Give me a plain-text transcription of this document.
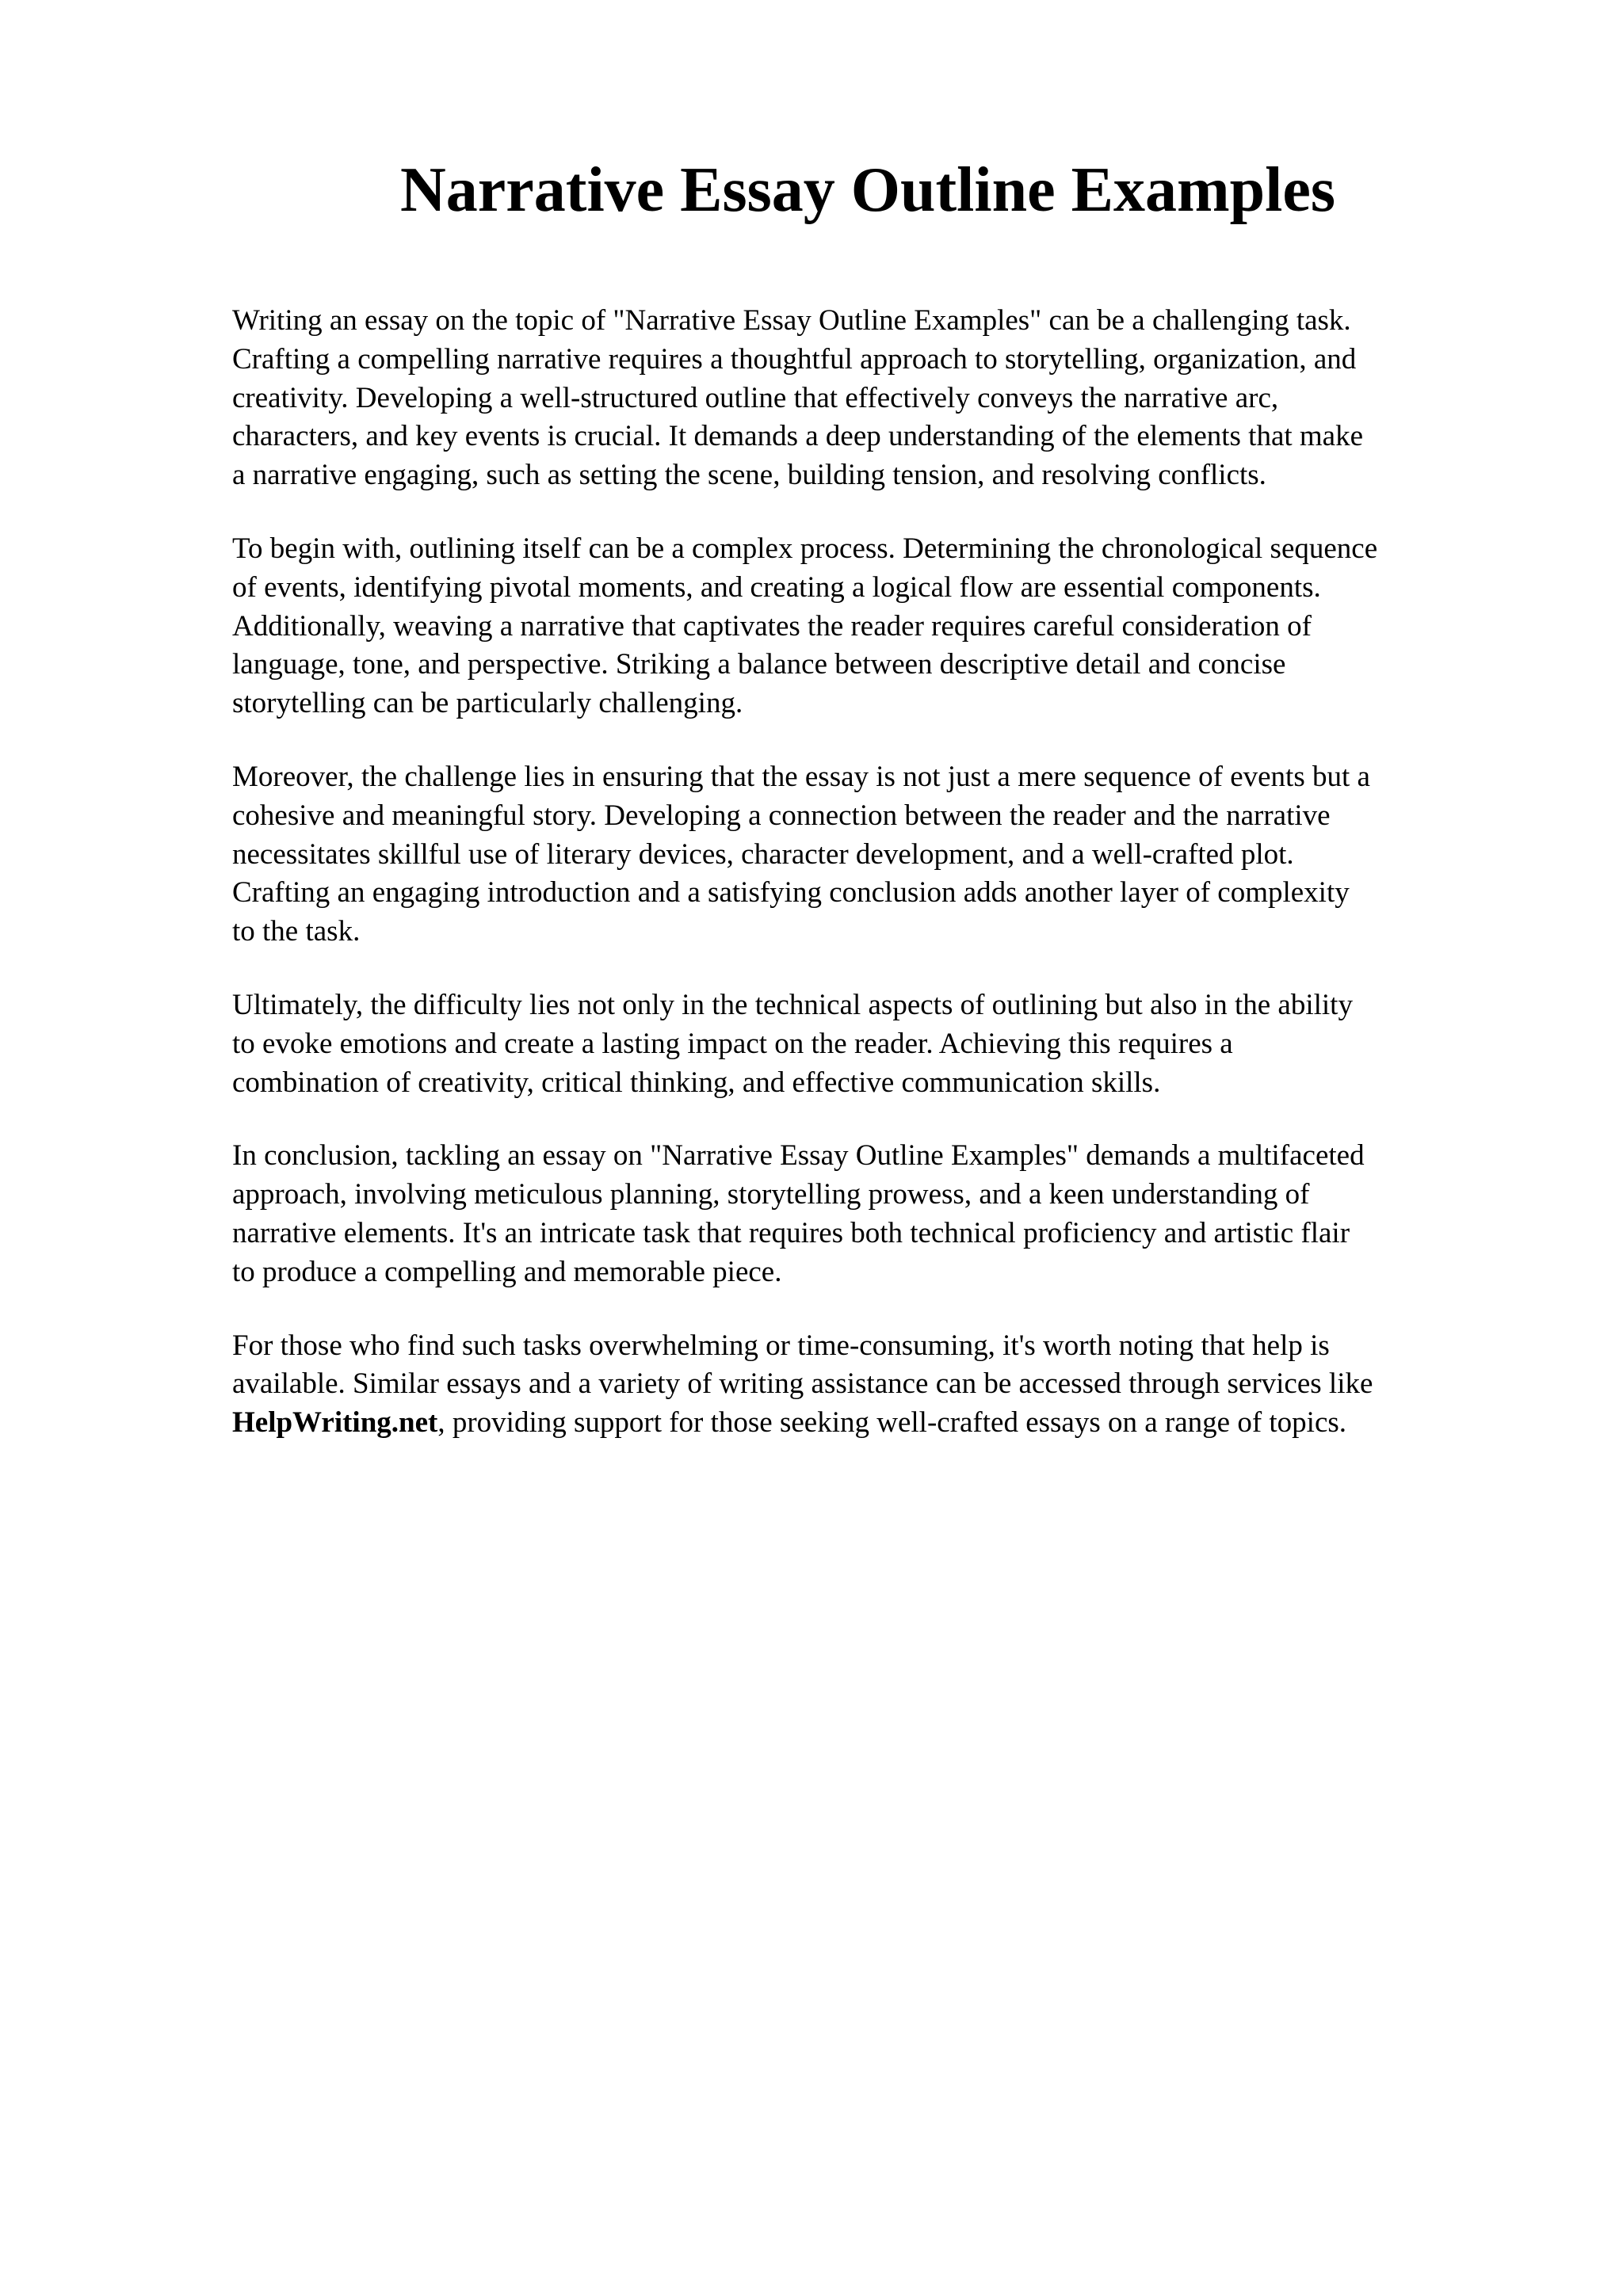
Narrative Essay Outline Examples

Writing an essay on the topic of "Narrative Essay Outline Examples" can be a challenging task.
Crafting a compelling narrative requires a thoughtful approach to storytelling, organization, and
creativity. Developing a well-structured outline that effectively conveys the narrative arc,
characters, and key events is crucial. It demands a deep understanding of the elements that make
a narrative engaging, such as setting the scene, building tension, and resolving conflicts.

To begin with, outlining itself can be a complex process. Determining the chronological sequence
of events, identifying pivotal moments, and creating a logical flow are essential components.
Additionally, weaving a narrative that captivates the reader requires careful consideration of
language, tone, and perspective. Striking a balance between descriptive detail and concise
storytelling can be particularly challenging.

Moreover, the challenge lies in ensuring that the essay is not just a mere sequence of events but a
cohesive and meaningful story. Developing a connection between the reader and the narrative
necessitates skillful use of literary devices, character development, and a well-crafted plot.
Crafting an engaging introduction and a satisfying conclusion adds another layer of complexity
to the task.

Ultimately, the difficulty lies not only in the technical aspects of outlining but also in the ability
to evoke emotions and create a lasting impact on the reader. Achieving this requires a
combination of creativity, critical thinking, and effective communication skills.

In conclusion, tackling an essay on "Narrative Essay Outline Examples" demands a multifaceted
approach, involving meticulous planning, storytelling prowess, and a keen understanding of
narrative elements. It's an intricate task that requires both technical proficiency and artistic flair
to produce a compelling and memorable piece.

For those who find such tasks overwhelming or time-consuming, it's worth noting that help is
available. Similar essays and a variety of writing assistance can be accessed through services like
HelpWriting.net, providing support for those seeking well-crafted essays on a range of topics.
